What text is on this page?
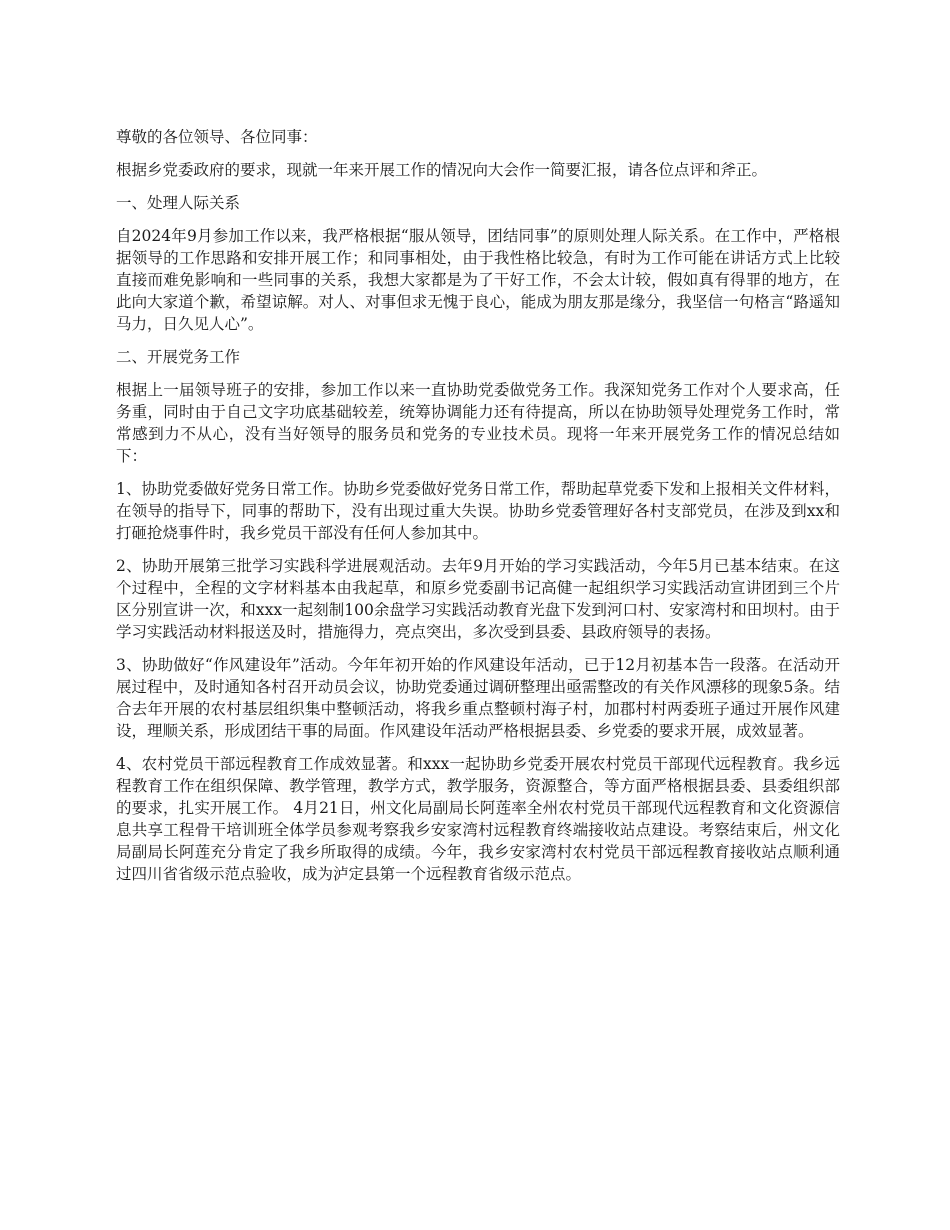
尊敬的各位领导、各位同事：

根据乡党委政府的要求，现就一年来开展工作的情况向大会作一简要汇报，请各位点评和斧正。

一、处理人际关系

自2024年9月参加工作以来，我严格根据“服从领导，团结同事”的原则处理人际关系。在工作中，严格根据领导的工作思路和安排开展工作；和同事相处，由于我性格比较急，有时为工作可能在讲话方式上比较直接而难免影响和一些同事的关系，我想大家都是为了干好工作，不会太计较，假如真有得罪的地方，在此向大家道个歉，希望谅解。对人、对事但求无愧于良心，能成为朋友那是缘分，我坚信一句格言“路遥知马力，日久见人心”。

二、开展党务工作

根据上一届领导班子的安排，参加工作以来一直协助党委做党务工作。我深知党务工作对个人要求高，任务重，同时由于自己文字功底基础较差，统筹协调能力还有待提高，所以在协助领导处理党务工作时，常常感到力不从心，没有当好领导的服务员和党务的专业技术员。现将一年来开展党务工作的情况总结如下：

1、协助党委做好党务日常工作。协助乡党委做好党务日常工作，帮助起草党委下发和上报相关文件材料，在领导的指导下，同事的帮助下，没有出现过重大失误。协助乡党委管理好各村支部党员，在涉及到xx和打砸抢烧事件时，我乡党员干部没有任何人参加其中。

2、协助开展第三批学习实践科学进展观活动。去年9月开始的学习实践活动，今年5月已基本结束。在这个过程中，全程的文字材料基本由我起草，和原乡党委副书记高健一起组织学习实践活动宣讲团到三个片区分别宣讲一次，和xxx一起刻制100余盘学习实践活动教育光盘下发到河口村、安家湾村和田坝村。由于学习实践活动材料报送及时，措施得力，亮点突出，多次受到县委、县政府领导的表扬。

3、协助做好“作风建设年”活动。今年年初开始的作风建设年活动，已于12月初基本告一段落。在活动开展过程中，及时通知各村召开动员会议，协助党委通过调研整理出亟需整改的有关作风漂移的现象5条。结合去年开展的农村基层组织集中整顿活动，将我乡重点整顿村海子村，加郡村村两委班子通过开展作风建设，理顺关系，形成团结干事的局面。作风建设年活动严格根据县委、乡党委的要求开展，成效显著。

4、农村党员干部远程教育工作成效显著。和xxx一起协助乡党委开展农村党员干部现代远程教育。我乡远程教育工作在组织保障、教学管理，教学方式，教学服务，资源整合，等方面严格根据县委、县委组织部的要求，扎实开展工作。 4月21日，州文化局副局长阿莲率全州农村党员干部现代远程教育和文化资源信息共享工程骨干培训班全体学员参观考察我乡安家湾村远程教育终端接收站点建设。考察结束后，州文化局副局长阿莲充分肯定了我乡所取得的成绩。今年，我乡安家湾村农村党员干部远程教育接收站点顺利通过四川省省级示范点验收，成为泸定县第一个远程教育省级示范点。
